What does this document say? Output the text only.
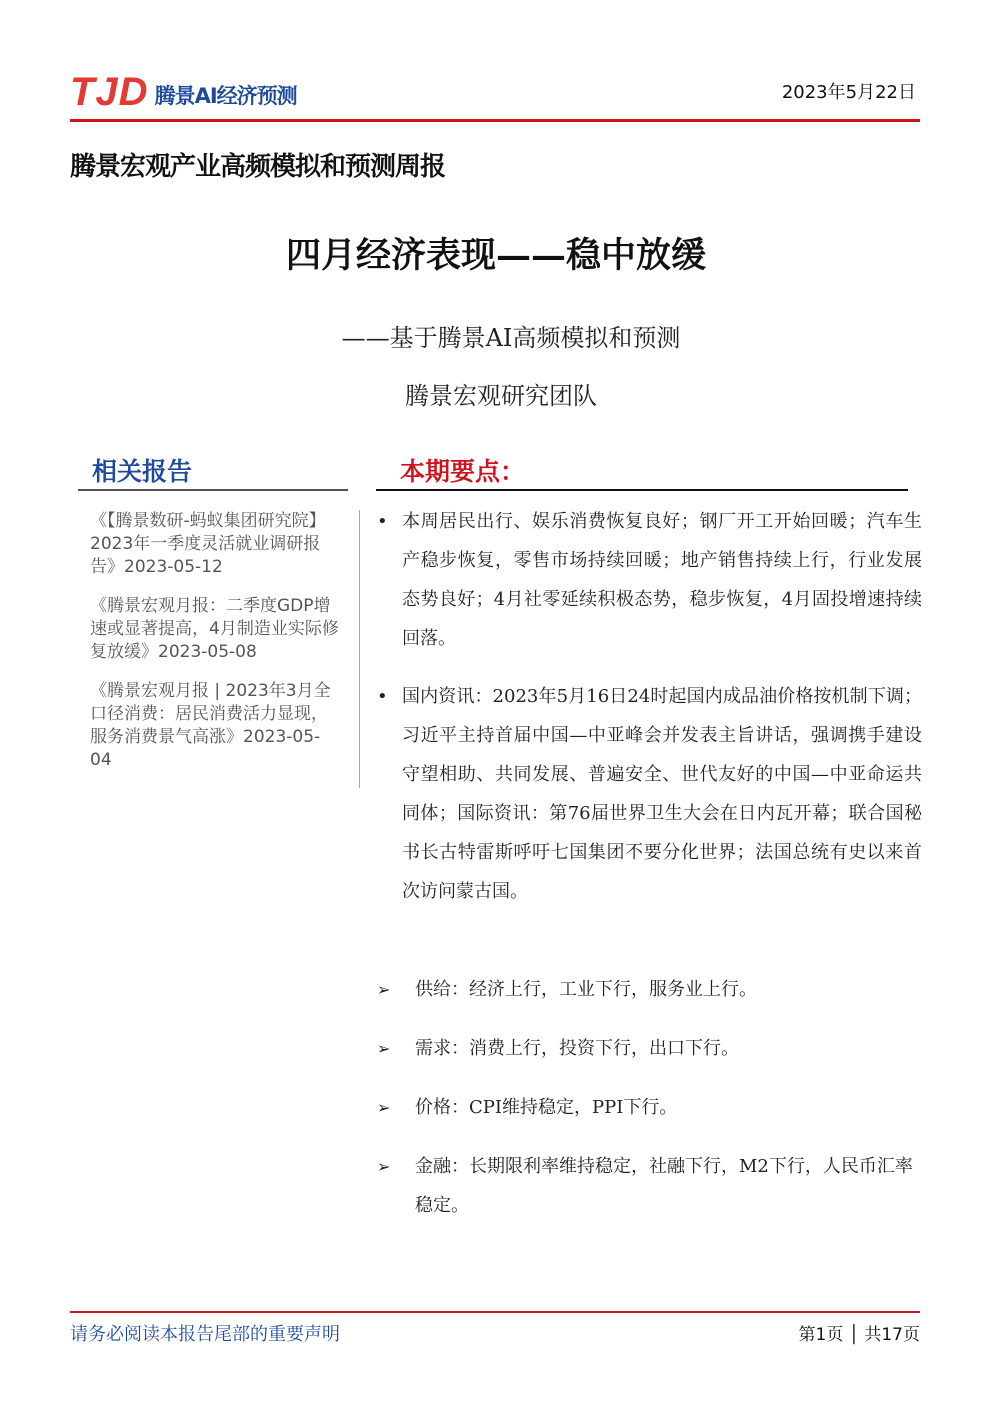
TJD 腾景AI经济预测	2023年5月22日
腾景宏观产业高频模拟和预测周报
四月经济表现——稳中放缓
——基于腾景AI高频模拟和预测
腾景宏观研究团队
相关报告
《【腾景数研-蚂蚁集团研究院】2023年一季度灵活就业调研报告》2023-05-12
《腾景宏观月报：二季度GDP增速或显著提高，4月制造业实际修复放缓》2023-05-08
《腾景宏观月报 | 2023年3月全口径消费：居民消费活力显现，服务消费景气高涨》2023-05-04
本期要点：
• 本周居民出行、娱乐消费恢复良好；钢厂开工开始回暖；汽车生产稳步恢复，零售市场持续回暖；地产销售持续上行，行业发展态势良好；4月社零延续积极态势，稳步恢复，4月固投增速持续回落。
• 国内资讯：2023年5月16日24时起国内成品油价格按机制下调；习近平主持首届中国—中亚峰会并发表主旨讲话，强调携手建设守望相助、共同发展、普遍安全、世代友好的中国—中亚命运共同体；国际资讯：第76届世界卫生大会在日内瓦开幕；联合国秘书长古特雷斯呼吁七国集团不要分化世界；法国总统有史以来首次访问蒙古国。
➢ 供给：经济上行，工业下行，服务业上行。
➢ 需求：消费上行，投资下行，出口下行。
➢ 价格：CPI维持稳定，PPI下行。
➢ 金融：长期限利率维持稳定，社融下行，M2下行，人民币汇率稳定。
请务必阅读本报告尾部的重要声明	第1页 │ 共17页
